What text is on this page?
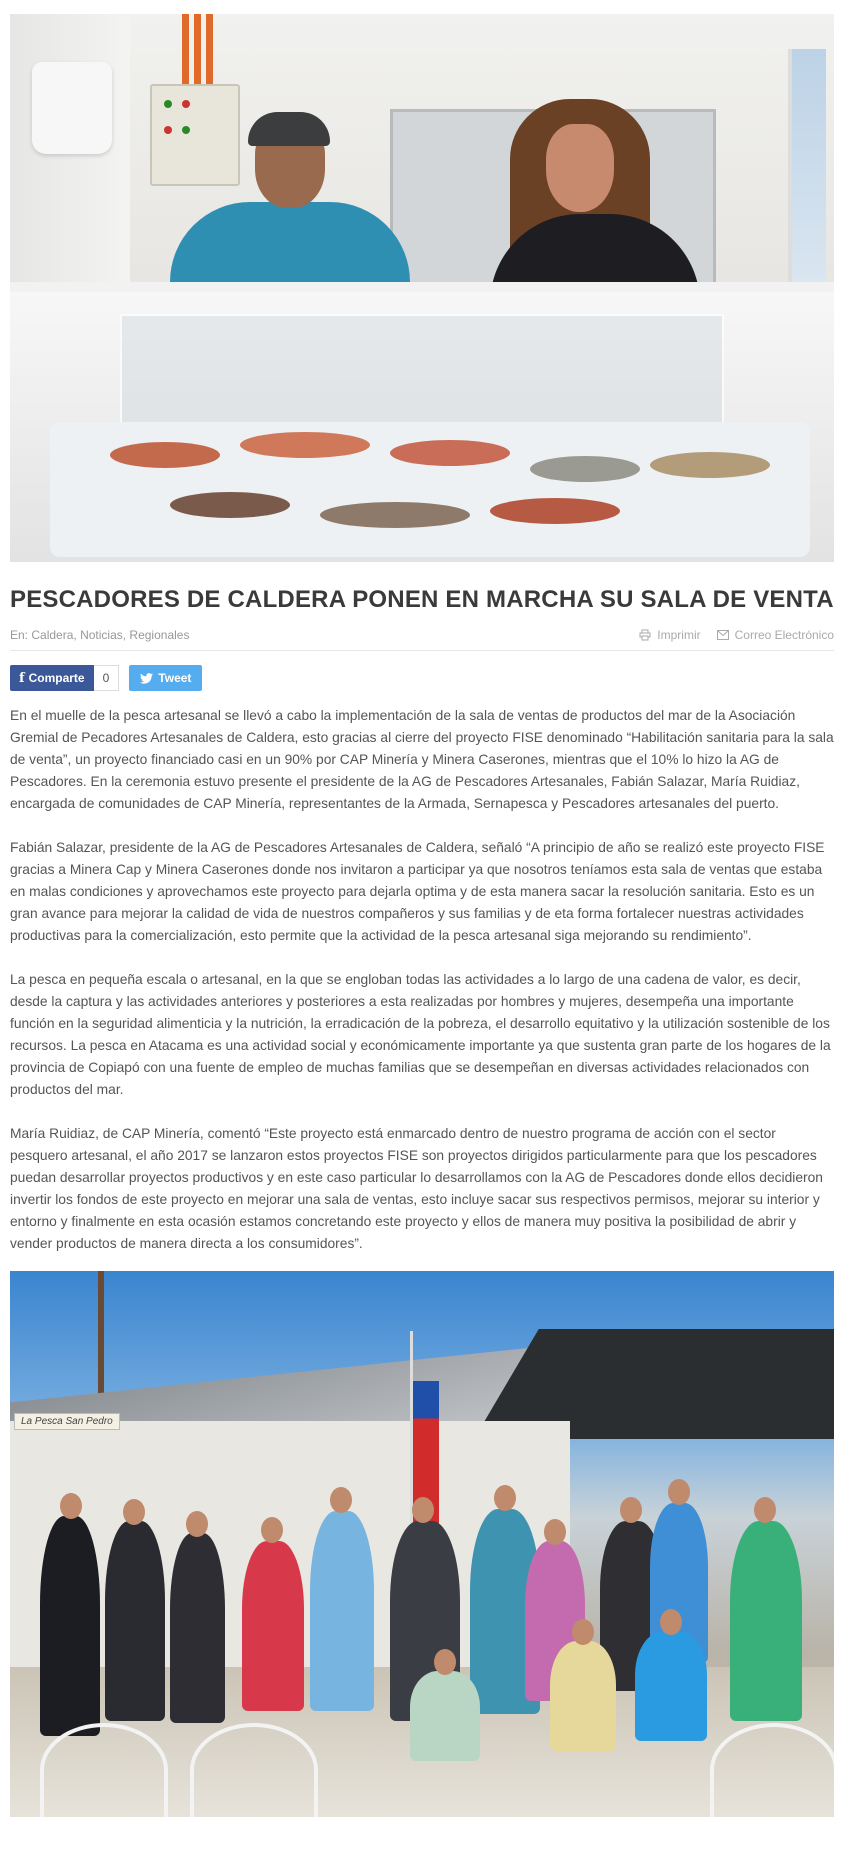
PESCADORES DE CALDERA PONEN EN MARCHA SU SALA DE VENTA
En: Caldera, Noticias, Regionales	Imprimir	Correo Electrónico
f Comparte	0	Tweet

En el muelle de la pesca artesanal se llevó a cabo la implementación de la sala de ventas de productos del mar de la Asociación Gremial de Pecadores Artesanales de Caldera, esto gracias al cierre del proyecto FISE denominado “Habilitación sanitaria para la sala de venta”, un proyecto financiado casi en un 90% por CAP Minería y Minera Caserones, mientras que el 10% lo hizo la AG de Pescadores. En la ceremonia estuvo presente el presidente de la AG de Pescadores Artesanales, Fabián Salazar, María Ruidiaz, encargada de comunidades de CAP Minería, representantes de la Armada, Sernapesca y Pescadores artesanales del puerto.

Fabián Salazar, presidente de la AG de Pescadores Artesanales de Caldera, señaló “A principio de año se realizó este proyecto FISE gracias a Minera Cap y Minera Caserones donde nos invitaron a participar ya que nosotros teníamos esta sala de ventas que estaba en malas condiciones y aprovechamos este proyecto para dejarla optima y de esta manera sacar la resolución sanitaria. Esto es un gran avance para mejorar la calidad de vida de nuestros compañeros y sus familias y de eta forma fortalecer nuestras actividades productivas para la comercialización, esto permite que la actividad de la pesca artesanal siga mejorando su rendimiento”.

La pesca en pequeña escala o artesanal, en la que se engloban todas las actividades a lo largo de una cadena de valor, es decir, desde la captura y las actividades anteriores y posteriores a esta realizadas por hombres y mujeres, desempeña una importante función en la seguridad alimenticia y la nutrición, la erradicación de la pobreza, el desarrollo equitativo y la utilización sostenible de los recursos. La pesca en Atacama es una actividad social y económicamente importante ya que sustenta gran parte de los hogares de la provincia de Copiapó con una fuente de empleo de muchas familias que se desempeñan en diversas actividades relacionados con productos del mar.

María Ruidiaz, de CAP Minería, comentó “Este proyecto está enmarcado dentro de nuestro programa de acción con el sector pesquero artesanal, el año 2017 se lanzaron estos proyectos FISE son proyectos dirigidos particularmente para que los pescadores puedan desarrollar proyectos productivos y en este caso particular lo desarrollamos con la AG de Pescadores donde ellos decidieron invertir los fondos de este proyecto en mejorar una sala de ventas, esto incluye sacar sus respectivos permisos, mejorar su interior y entorno y finalmente en esta ocasión estamos concretando este proyecto y ellos de manera muy positiva la posibilidad de abrir y vender productos de manera directa a los consumidores”.

La Pesca San Pedro
